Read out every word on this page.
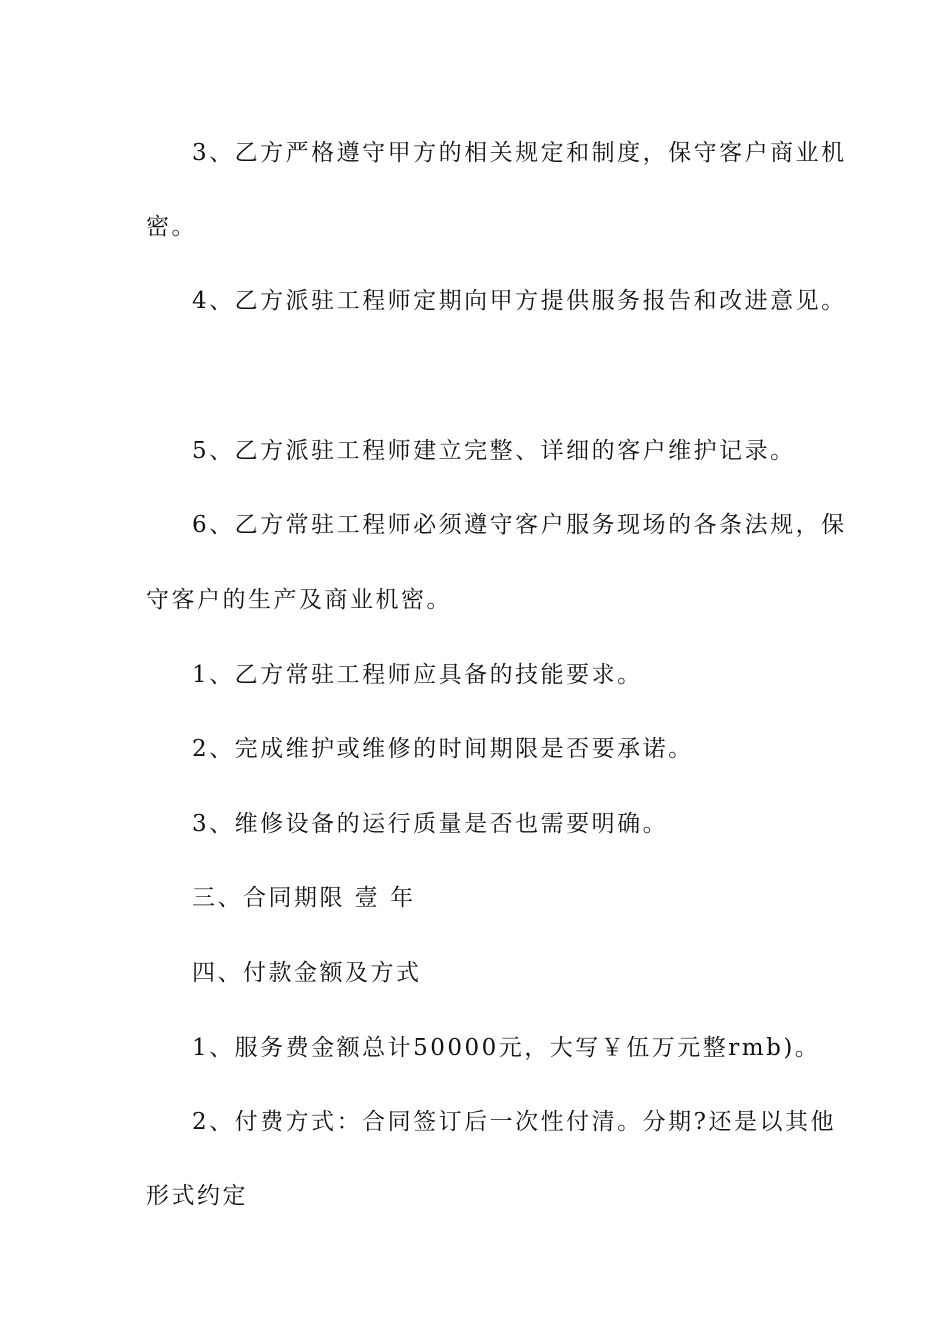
3、乙方严格遵守甲方的相关规定和制度，保守客户商业机
密。
4、乙方派驻工程师定期向甲方提供服务报告和改进意见。
5、乙方派驻工程师建立完整、详细的客户维护记录。
6、乙方常驻工程师必须遵守客户服务现场的各条法规，保
守客户的生产及商业机密。
1、乙方常驻工程师应具备的技能要求。
2、完成维护或维修的时间期限是否要承诺。
3、维修设备的运行质量是否也需要明确。
三、合同期限 壹 年
四、付款金额及方式
1、服务费金额总计50000元，大写￥伍万元整rmb)。
2、付费方式：合同签订后一次性付清。分期?还是以其他
形式约定
